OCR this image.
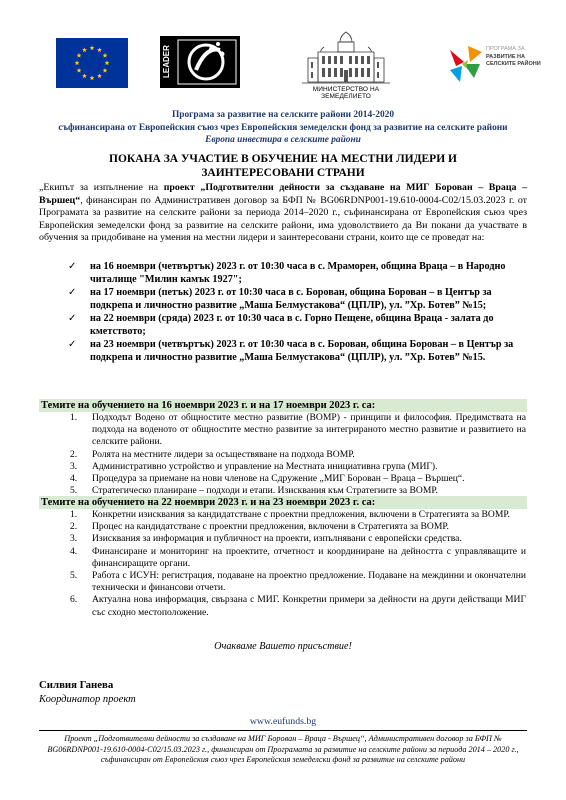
LEADER
МИНИСТЕРСТВО НА ЗЕМЕДЕЛИЕТО
ПРОГРАМА ЗА
РАЗВИТИЕ НА
СЕЛСКИТЕ РАЙОНИ
Програма за развитие на селските райони 2014-2020
съфинансирана от Европейския съюз чрез Европейския земеделски фонд за развитие на селските райони
Европа инвестира в селските райони
ПОКАНА ЗА УЧАСТИЕ В ОБУЧЕНИЕ НА МЕСТНИ ЛИДЕРИ И
ЗАИНТЕРЕСОВАНИ СТРАНИ
„Екипът за изпълнение на проект „Подготвителни дейности за създаване на МИГ Борован – Враца – Вършец“, финансиран по Административен договор за БФП № BG06RDNP001-19.610-0004-C02/15.03.2023 г. от Програмата за развитие на селските райони за периода 2014–2020 г., съфинансирана от Европейския съюз чрез Европейския земеделски фонд за развитие на селските райони, има удоволствието да Ви покани да участвате в обучения за придобиване на умения на местни лидери и заинтересовани страни, които ще се проведат на:
✓ на 16 ноември (четвъртък) 2023 г. от 10:30 часа в с. Мраморен, община Враца – в Народно читалище "Милин камък 1927";
✓ на 17 ноември (петък) 2023 г. от 10:30 часа в с. Борован, община Борован – в Център за подкрепа и личностно развитие „Маша Белмустакова“ (ЦПЛР), ул. ”Хр. Ботев” №15;
✓ на 22 ноември (сряда) 2023 г. от 10:30 часа в с. Горно Пещене, община Враца - залата до кметството;
✓ на 23 ноември (четвъртък) 2023 г. от 10:30 часа в с. Борован, община Борован – в Център за подкрепа и личностно развитие „Маша Белмустакова“ (ЦПЛР), ул. ”Хр. Ботев” №15.
Темите на обучението на 16 ноември 2023 г. и на 17 ноември 2023 г. са:
1. Подходът Водено от общностите местно развитие (ВОМР) - принципи и философия. Предимствата на подхода на воденото от общностите местно развитие за интегрираното местно развитие и развитието на селските райони.
2. Ролята на местните лидери за осъществяване на подхода ВОМР.
3. Административно устройство и управление на Местната инициативна група (МИГ).
4. Процедура за приемане на нови членове на Сдружение „МИГ Борован – Враца – Вършец“.
5. Стратегическо планиране – подходи и етапи. Изисквания към Стратегиите за ВОМР.
Темите на обучението на 22 ноември 2023 г. и на 23 ноември 2023 г. са:
1. Конкретни изисквания за кандидатстване с проектни предложения, включени в Стратегията за ВОМР.
2. Процес на кандидатстване с проектни предложения, включени в Стратегията за ВОМР.
3. Изисквания за информация и публичност на проекти, изпълнявани с европейски средства.
4. Финансиране и мониторинг на проектите, отчетност и координиране на дейността с управляващите и финансиращите органи.
5. Работа с ИСУН: регистрация, подаване на проектно предложение. Подаване на междинни и окончателни технически и финансови отчети.
6. Актуална нова информация, свързана с МИГ. Конкретни примери за дейности на други действащи МИГ със сходно местоположение.
Очакваме Вашето присъствие!
Силвия Ганева
Координатор проект
www.eufunds.bg
Проект „Подготвителни дейности за създаване на МИГ Борован – Враца - Вършец“, Административен договор за БФП № BG06RDNP001-19.610-0004-C02/15.03.2023 г., финансиран от Програмата за развитие на селските райони за периода 2014 – 2020 г., съфинансиран от Европейския съюз чрез Европейския земеделски фонд за развитие на селските райони
